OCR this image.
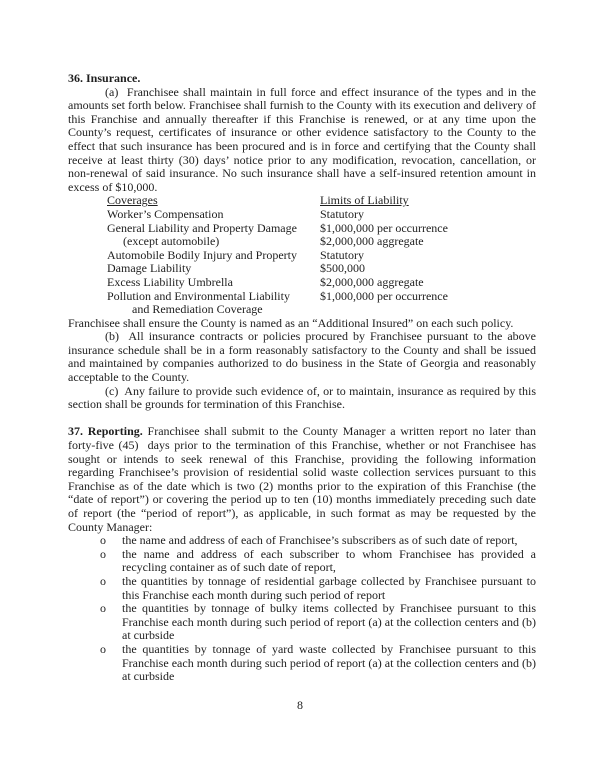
36. Insurance.

(a)  Franchisee shall maintain in full force and effect insurance of the types and in the amounts set forth below. Franchisee shall furnish to the County with its execution and delivery of this Franchise and annually thereafter if this Franchise is renewed, or at any time upon the County’s request, certificates of insurance or other evidence satisfactory to the County to the effect that such insurance has been procured and is in force and certifying that the County shall receive at least thirty (30) days’ notice prior to any modification, revocation, cancellation, or non-renewal of said insurance. No such insurance shall have a self-insured retention amount in excess of $10,000.

Coverages	Limits of Liability
Worker’s Compensation	Statutory
General Liability and Property Damage	$1,000,000 per occurrence
(except automobile)	$2,000,000 aggregate
Automobile Bodily Injury and Property	Statutory
Damage Liability	$500,000
Excess Liability Umbrella	$2,000,000 aggregate
Pollution and Environmental Liability	$1,000,000 per occurrence
and Remediation Coverage

Franchisee shall ensure the County is named as an “Additional Insured” on each such policy.

(b)  All insurance contracts or policies procured by Franchisee pursuant to the above insurance schedule shall be in a form reasonably satisfactory to the County and shall be issued and maintained by companies authorized to do business in the State of Georgia and reasonably acceptable to the County.

(c)  Any failure to provide such evidence of, or to maintain, insurance as required by this section shall be grounds for termination of this Franchise.

37. Reporting. Franchisee shall submit to the County Manager a written report no later than forty-five (45)  days prior to the termination of this Franchise, whether or not Franchisee has sought or intends to seek renewal of this Franchise, providing the following information regarding Franchisee’s provision of residential solid waste collection services pursuant to this Franchise as of the date which is two (2) months prior to the expiration of this Franchise (the “date of report”) or covering the period up to ten (10) months immediately preceding such date of report (the “period of report”), as applicable, in such format as may be requested by the County Manager:

o the name and address of each of Franchisee’s subscribers as of such date of report,
o the name and address of each subscriber to whom Franchisee has provided a recycling container as of such date of report,
o the quantities by tonnage of residential garbage collected by Franchisee pursuant to this Franchise each month during such period of report
o the quantities by tonnage of bulky items collected by Franchisee pursuant to this Franchise each month during such period of report (a) at the collection centers and (b) at curbside
o the quantities by tonnage of yard waste collected by Franchisee pursuant to this Franchise each month during such period of report (a) at the collection centers and (b) at curbside
8
